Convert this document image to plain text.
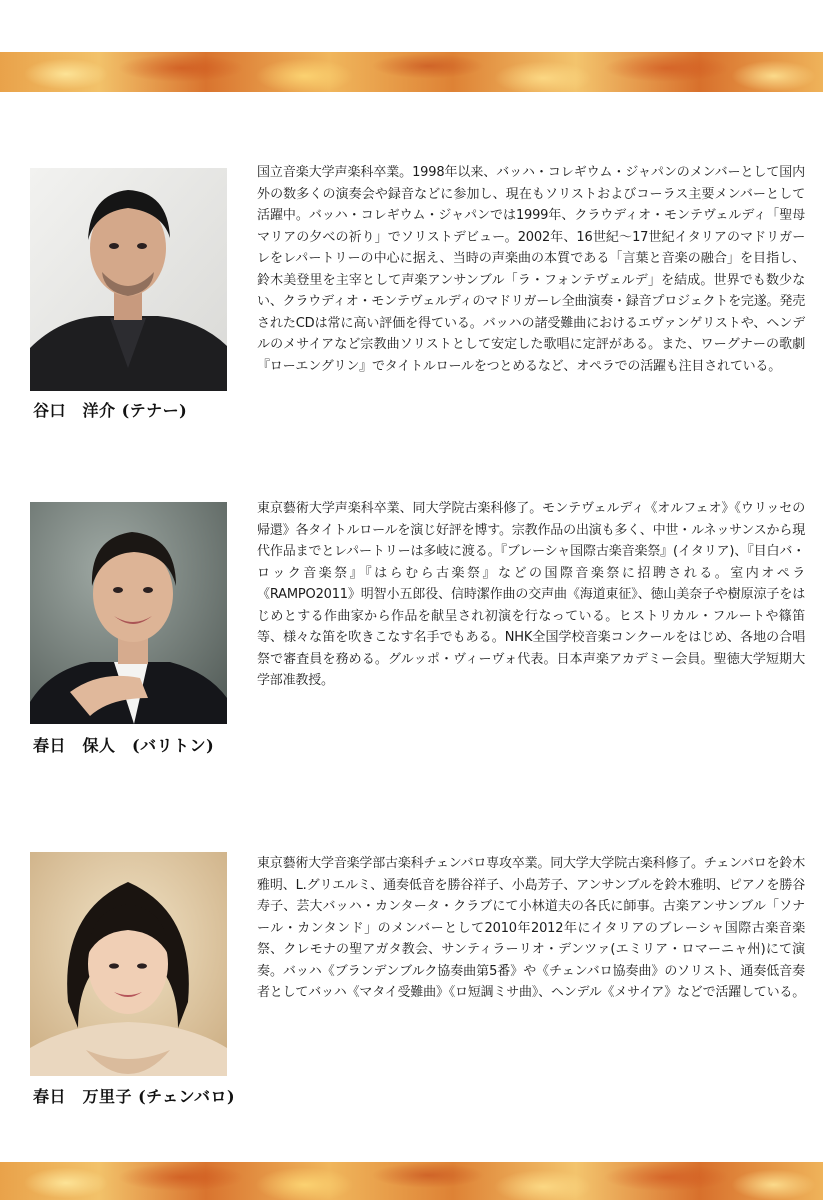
谷口　洋介 (テナー)

国立音楽大学声楽科卒業。1998年以来、バッハ・コレギウム・ジャパンのメンバーとして国内外の数多くの演奏会や録音などに参加し、現在もソリストおよびコーラス主要メンバーとして活躍中。バッハ・コレギウム・ジャパンでは1999年、クラウディオ・モンテヴェルディ「聖母マリアの夕べの祈り」でソリストデビュー。2002年、16世紀〜17世紀イタリアのマドリガーレをレパートリーの中心に据え、当時の声楽曲の本質である「言葉と音楽の融合」を目指し、鈴木美登里を主宰として声楽アンサンブル「ラ・フォンテヴェルデ」を結成。世界でも数少ない、クラウディオ・モンテヴェルディのマドリガーレ全曲演奏・録音プロジェクトを完遂。発売されたCDは常に高い評価を得ている。バッハの諸受難曲におけるエヴァンゲリストや、ヘンデルのメサイアなど宗教曲ソリストとして安定した歌唱に定評がある。また、ワーグナーの歌劇『ローエングリン』でタイトルロールをつとめるなど、オペラでの活躍も注目されている。

春日　保人　(バリトン)

東京藝術大学声楽科卒業、同大学院古楽科修了。モンテヴェルディ《オルフェオ》《ウリッセの帰還》各タイトルロールを演じ好評を博す。宗教作品の出演も多く、中世・ルネッサンスから現代作品までとレパートリーは多岐に渡る。『ブレーシャ国際古楽音楽祭』(イタリア)、『目白バ・ロック音楽祭』『はらむら古楽祭』などの国際音楽祭に招聘される。室内オペラ《RAMPO2011》明智小五郎役、信時潔作曲の交声曲《海道東征》、徳山美奈子や樹原涼子をはじめとする作曲家から作品を献呈され初演を行なっている。ヒストリカル・フルートや篠笛等、様々な笛を吹きこなす名手でもある。NHK全国学校音楽コンクールをはじめ、各地の合唱祭で審査員を務める。グルッポ・ヴィーヴォ代表。日本声楽アカデミー会員。聖徳大学短期大学部准教授。

春日　万里子 (チェンバロ)

東京藝術大学音楽学部古楽科チェンバロ専攻卒業。同大学大学院古楽科修了。チェンバロを鈴木雅明、L.グリエルミ、通奏低音を勝谷祥子、小島芳子、アンサンブルを鈴木雅明、ピアノを勝谷寿子、芸大バッハ・カンタータ・クラブにて小林道夫の各氏に師事。古楽アンサンブル「ソナール・カンタンド」のメンバーとして2010年2012年にイタリアのブレーシャ国際古楽音楽祭、クレモナの聖アガタ教会、サンティラーリオ・デンツァ(エミリア・ロマーニャ州)にて演奏。バッハ《ブランデンブルク協奏曲第5番》や《チェンバロ協奏曲》のソリスト、通奏低音奏者としてバッハ《マタイ受難曲》《ロ短調ミサ曲》、ヘンデル《メサイア》などで活躍している。
